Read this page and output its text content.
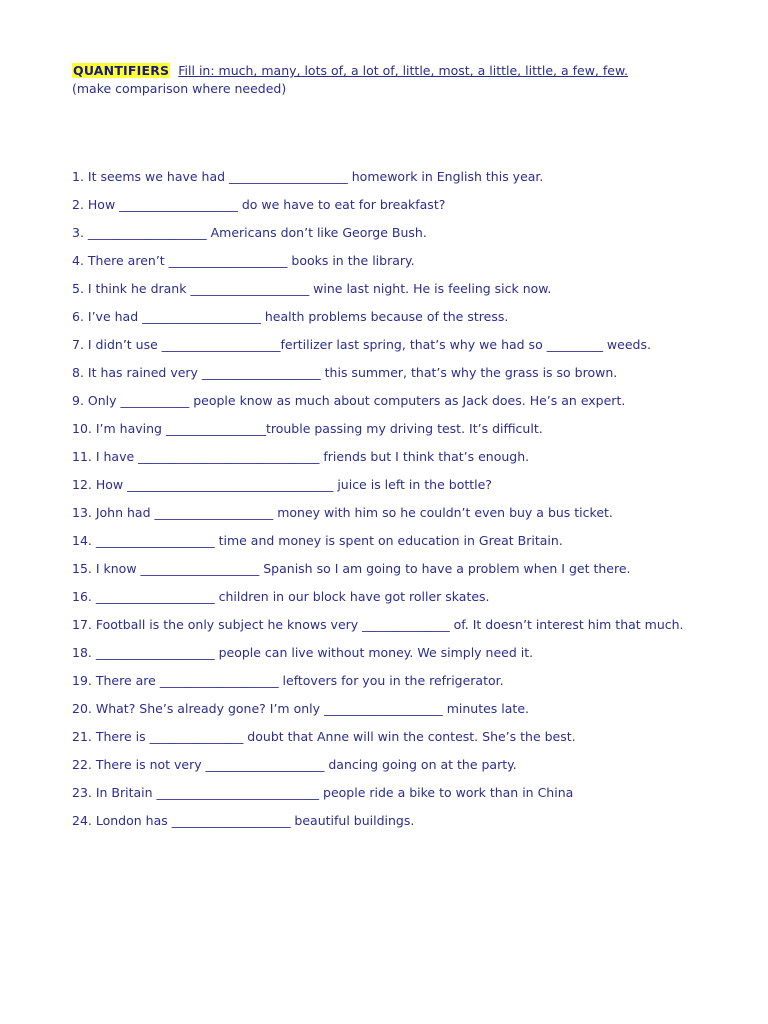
QUANTIFIERS Fill in: much, many, lots of, a lot of, little, most, a little, little, a few, few.
(make comparison where needed)
1. It seems we have had ___________________ homework in English this year.
2. How ___________________ do we have to eat for breakfast?
3. ___________________ Americans don’t like George Bush.
4. There aren’t ___________________ books in the library.
5. I think he drank ___________________ wine last night. He is feeling sick now.
6. I’ve had ___________________ health problems because of the stress.
7. I didn’t use ___________________fertilizer last spring, that’s why we had so _________ weeds.
8. It has rained very ___________________ this summer, that’s why the grass is so brown.
9. Only ___________ people know as much about computers as Jack does. He’s an expert.
10. I’m having ________________trouble passing my driving test. It’s difficult.
11. I have _____________________________ friends but I think that’s enough.
12. How _________________________________ juice is left in the bottle?
13. John had ___________________ money with him so he couldn’t even buy a bus ticket.
14. ___________________ time and money is spent on education in Great Britain.
15. I know ___________________ Spanish so I am going to have a problem when I get there.
16. ___________________ children in our block have got roller skates.
17. Football is the only subject he knows very ______________ of. It doesn’t interest him that much.
18. ___________________ people can live without money. We simply need it.
19. There are ___________________ leftovers for you in the refrigerator.
20. What? She’s already gone? I’m only ___________________ minutes late.
21. There is _______________ doubt that Anne will win the contest. She’s the best.
22. There is not very ___________________ dancing going on at the party.
23. In Britain __________________________ people ride a bike to work than in China
24. London has ___________________ beautiful buildings.
